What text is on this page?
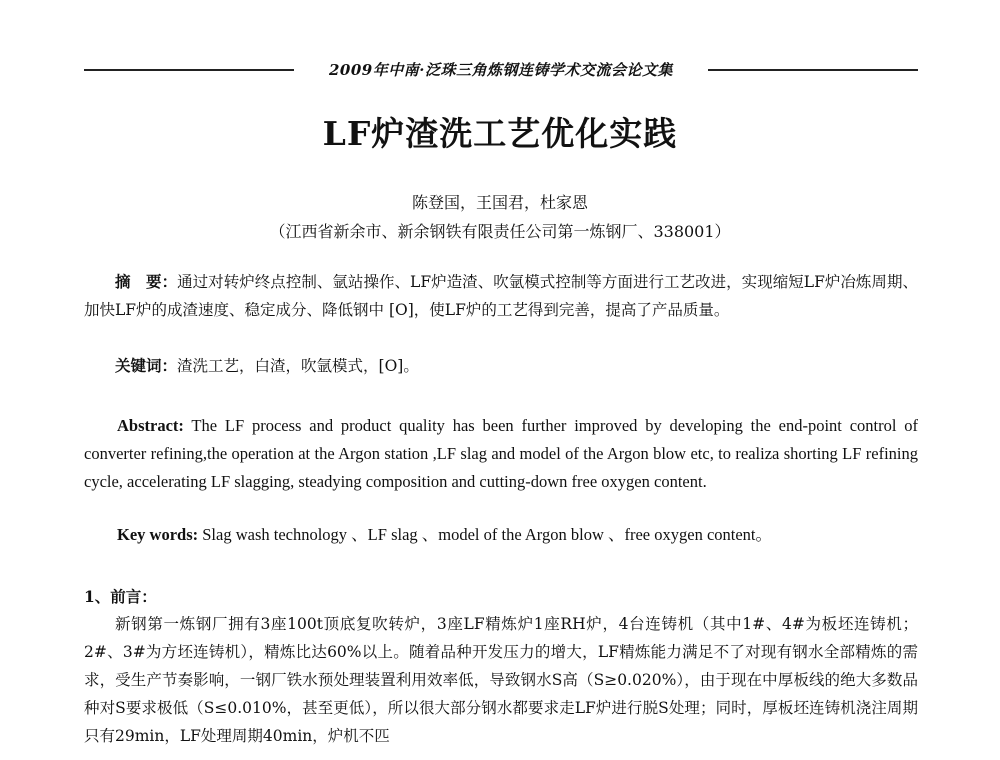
2009年中南·泛珠三角炼钢连铸学术交流会论文集
LF炉渣洗工艺优化实践
陈登国，王国君，杜家恩
（江西省新余市、新余钢铁有限责任公司第一炼钢厂、338001）
摘　要：通过对转炉终点控制、氩站操作、LF炉造渣、吹氩模式控制等方面进行工艺改进，实现缩短LF炉冶炼周期、加快LF炉的成渣速度、稳定成分、降低钢中 [O]，使LF炉的工艺得到完善，提高了产品质量。
关键词：渣洗工艺，白渣，吹氩模式，[O]。
Abstract: The LF process and product quality has been further improved by developing the end-point control of converter refining,the operation at the Argon station ,LF slag and model of the Argon blow etc, to realiza shorting LF refining cycle, accelerating LF slagging, steadying composition and cutting-down free oxygen content.
Key words: Slag wash technology 、LF slag 、model of the Argon blow 、free oxygen content。
1、前言：
新钢第一炼钢厂拥有3座100t顶底复吹转炉，3座LF精炼炉1座RH炉，4台连铸机（其中1#、4#为板坯连铸机；2#、3#为方坯连铸机），精炼比达60%以上。随着品种开发压力的增大，LF精炼能力满足不了对现有钢水全部精炼的需求，受生产节奏影响，一钢厂铁水预处理装置利用效率低，导致钢水S高（S≥0.020%），由于现在中厚板线的绝大多数品种对S要求极低（S≤0.010%，甚至更低），所以很大部分钢水都要求走LF炉进行脱S处理；同时，厚板坯连铸机浇注周期只有29min，LF处理周期40min，炉机不匹
